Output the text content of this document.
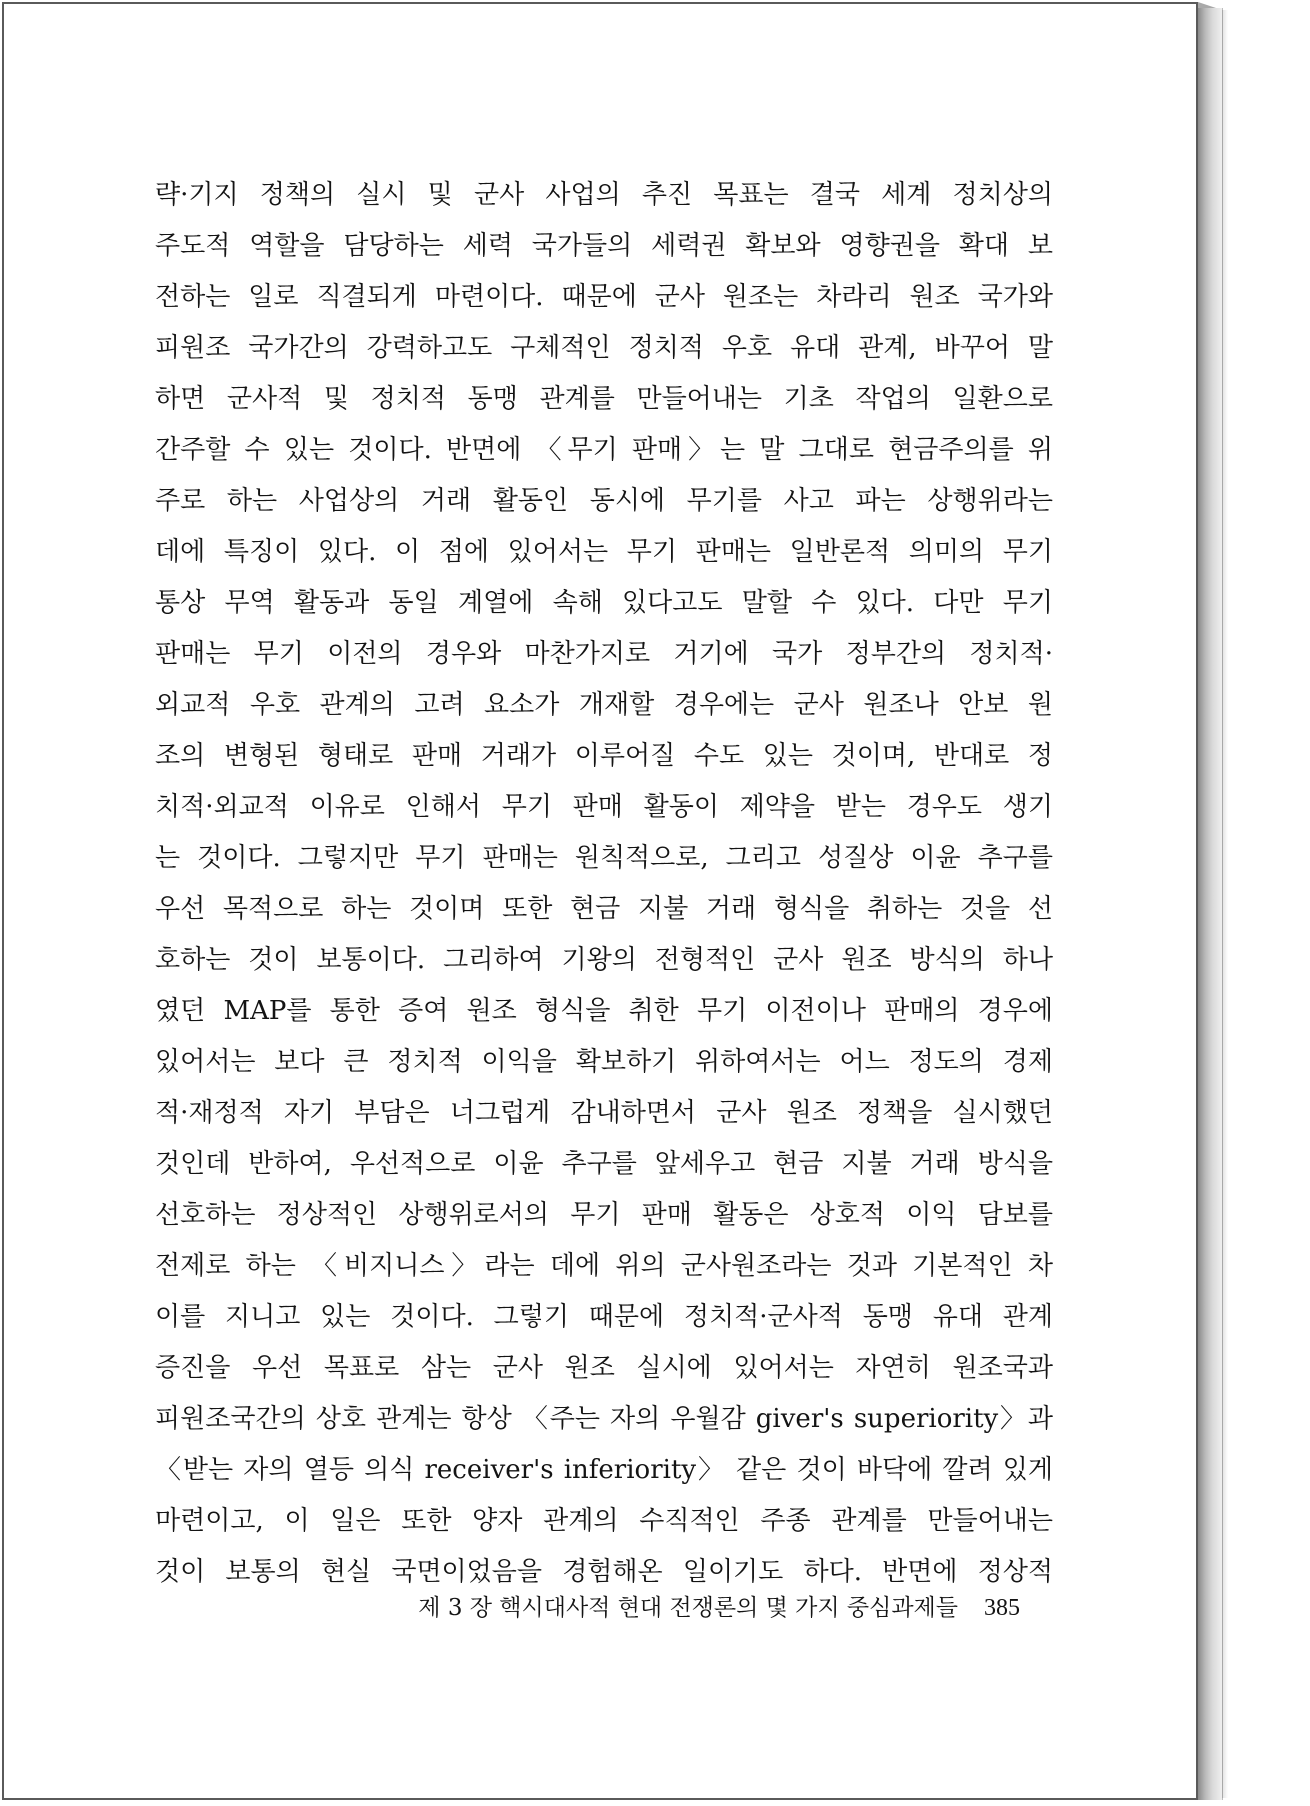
략·기지 정책의 실시 및 군사 사업의 추진 목표는 결국 세계 정치상의
주도적 역할을 담당하는 세력 국가들의 세력권 확보와 영향권을 확대 보
전하는 일로 직결되게 마련이다. 때문에 군사 원조는 차라리 원조 국가와
피원조 국가간의 강력하고도 구체적인 정치적 우호 유대 관계, 바꾸어 말
하면 군사적 및 정치적 동맹 관계를 만들어내는 기초 작업의 일환으로
간주할 수 있는 것이다. 반면에 〈무기 판매〉는 말 그대로 현금주의를 위
주로 하는 사업상의 거래 활동인 동시에 무기를 사고 파는 상행위라는
데에 특징이 있다. 이 점에 있어서는 무기 판매는 일반론적 의미의 무기
통상 무역 활동과 동일 계열에 속해 있다고도 말할 수 있다. 다만 무기
판매는 무기 이전의 경우와 마찬가지로 거기에 국가 정부간의 정치적·
외교적 우호 관계의 고려 요소가 개재할 경우에는 군사 원조나 안보 원
조의 변형된 형태로 판매 거래가 이루어질 수도 있는 것이며, 반대로 정
치적·외교적 이유로 인해서 무기 판매 활동이 제약을 받는 경우도 생기
는 것이다. 그렇지만 무기 판매는 원칙적으로, 그리고 성질상 이윤 추구를
우선 목적으로 하는 것이며 또한 현금 지불 거래 형식을 취하는 것을 선
호하는 것이 보통이다. 그리하여 기왕의 전형적인 군사 원조 방식의 하나
였던 MAP를 통한 증여 원조 형식을 취한 무기 이전이나 판매의 경우에
있어서는 보다 큰 정치적 이익을 확보하기 위하여서는 어느 정도의 경제
적·재정적 자기 부담은 너그럽게 감내하면서 군사 원조 정책을 실시했던
것인데 반하여, 우선적으로 이윤 추구를 앞세우고 현금 지불 거래 방식을
선호하는 정상적인 상행위로서의 무기 판매 활동은 상호적 이익 담보를
전제로 하는 〈비지니스〉라는 데에 위의 군사원조라는 것과 기본적인 차
이를 지니고 있는 것이다. 그렇기 때문에 정치적·군사적 동맹 유대 관계
증진을 우선 목표로 삼는 군사 원조 실시에 있어서는 자연히 원조국과
피원조국간의 상호 관계는 항상 〈주는 자의 우월감 giver's superiority〉과
〈받는 자의 열등 의식 receiver's inferiority〉 같은 것이 바닥에 깔려 있게
마련이고, 이 일은 또한 양자 관계의 수직적인 주종 관계를 만들어내는
것이 보통의 현실 국면이었음을 경험해온 일이기도 하다. 반면에 정상적
제 3 장 핵시대사적 현대 전쟁론의 몇 가지 중심과제들 385
